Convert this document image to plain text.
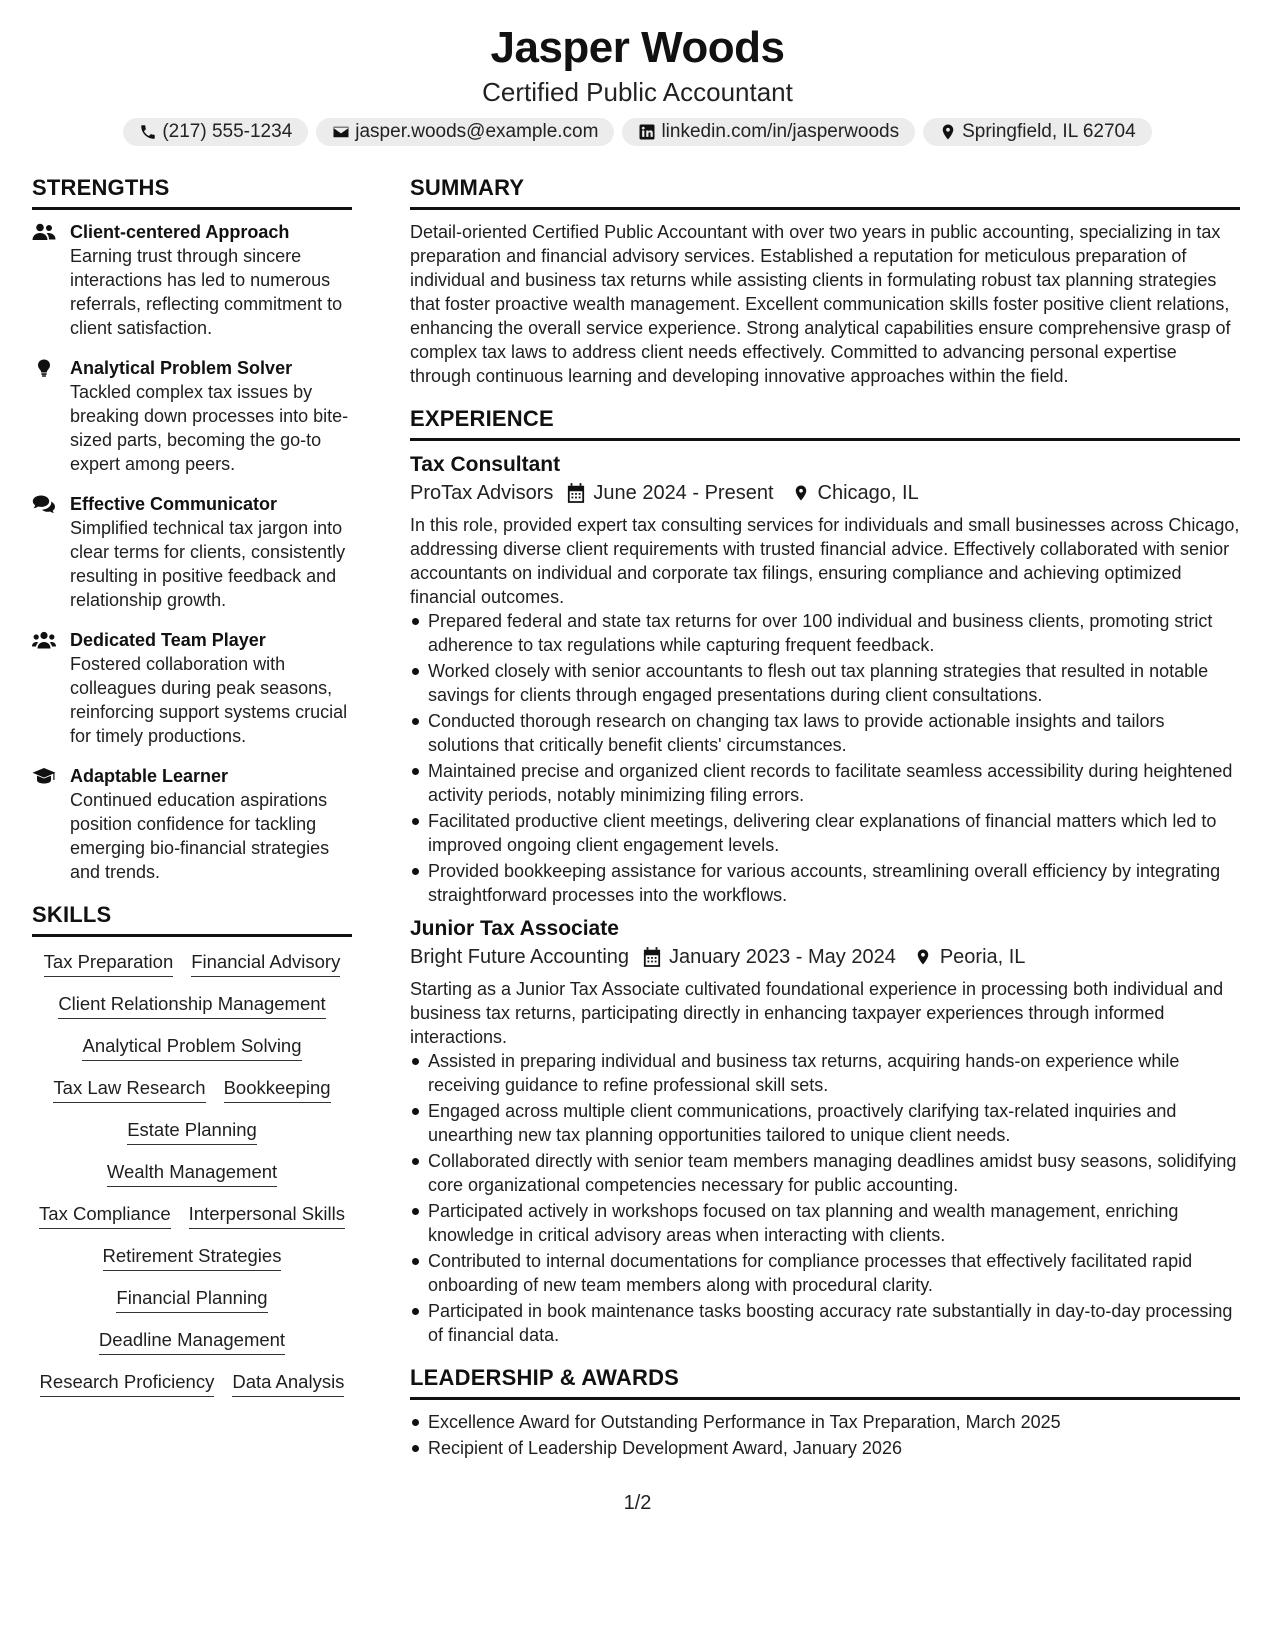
Jasper Woods
Certified Public Accountant
(217) 555-1234	jasper.woods@example.com	linkedin.com/in/jasperwoods	Springfield, IL 62704
STRENGTHS
Client-centered Approach
Earning trust through sincere interactions has led to numerous referrals, reflecting commitment to client satisfaction.
Analytical Problem Solver
Tackled complex tax issues by breaking down processes into bite-sized parts, becoming the go-to expert among peers.
Effective Communicator
Simplified technical tax jargon into clear terms for clients, consistently resulting in positive feedback and relationship growth.
Dedicated Team Player
Fostered collaboration with colleagues during peak seasons, reinforcing support systems crucial for timely productions.
Adaptable Learner
Continued education aspirations position confidence for tackling emerging bio-financial strategies and trends.
SKILLS
Tax Preparation Financial Advisory
Client Relationship Management
Analytical Problem Solving
Tax Law Research Bookkeeping
Estate Planning
Wealth Management
Tax Compliance Interpersonal Skills
Retirement Strategies
Financial Planning
Deadline Management
Research Proficiency Data Analysis
SUMMARY
Detail-oriented Certified Public Accountant with over two years in public accounting, specializing in tax preparation and financial advisory services. Established a reputation for meticulous preparation of individual and business tax returns while assisting clients in formulating robust tax planning strategies that foster proactive wealth management. Excellent communication skills foster positive client relations, enhancing the overall service experience. Strong analytical capabilities ensure comprehensive grasp of complex tax laws to address client needs effectively. Committed to advancing personal expertise through continuous learning and developing innovative approaches within the field.
EXPERIENCE
Tax Consultant
ProTax Advisors June 2024 - Present Chicago, IL
In this role, provided expert tax consulting services for individuals and small businesses across Chicago, addressing diverse client requirements with trusted financial advice. Effectively collaborated with senior accountants on individual and corporate tax filings, ensuring compliance and achieving optimized financial outcomes.
Prepared federal and state tax returns for over 100 individual and business clients, promoting strict adherence to tax regulations while capturing frequent feedback.
Worked closely with senior accountants to flesh out tax planning strategies that resulted in notable savings for clients through engaged presentations during client consultations.
Conducted thorough research on changing tax laws to provide actionable insights and tailors solutions that critically benefit clients' circumstances.
Maintained precise and organized client records to facilitate seamless accessibility during heightened activity periods, notably minimizing filing errors.
Facilitated productive client meetings, delivering clear explanations of financial matters which led to improved ongoing client engagement levels.
Provided bookkeeping assistance for various accounts, streamlining overall efficiency by integrating straightforward processes into the workflows.
Junior Tax Associate
Bright Future Accounting January 2023 - May 2024 Peoria, IL
Starting as a Junior Tax Associate cultivated foundational experience in processing both individual and business tax returns, participating directly in enhancing taxpayer experiences through informed interactions.
Assisted in preparing individual and business tax returns, acquiring hands-on experience while receiving guidance to refine professional skill sets.
Engaged across multiple client communications, proactively clarifying tax-related inquiries and unearthing new tax planning opportunities tailored to unique client needs.
Collaborated directly with senior team members managing deadlines amidst busy seasons, solidifying core organizational competencies necessary for public accounting.
Participated actively in workshops focused on tax planning and wealth management, enriching knowledge in critical advisory areas when interacting with clients.
Contributed to internal documentations for compliance processes that effectively facilitated rapid onboarding of new team members along with procedural clarity.
Participated in book maintenance tasks boosting accuracy rate substantially in day-to-day processing of financial data.
LEADERSHIP & AWARDS
Excellence Award for Outstanding Performance in Tax Preparation, March 2025
Recipient of Leadership Development Award, January 2026
1/2
